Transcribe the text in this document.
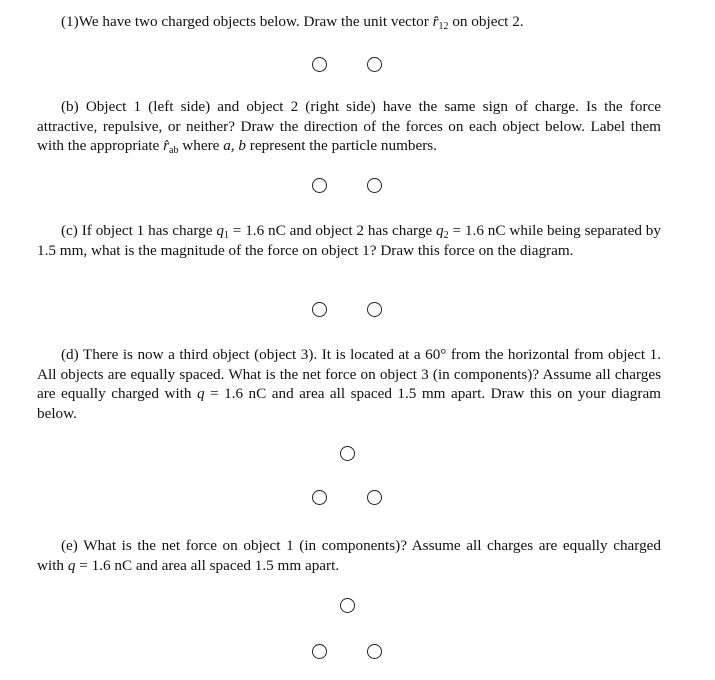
(1)We have two charged objects below. Draw the unit vector $r̂_{12}$ on object 2.
(b) Object 1 (left side) and object 2 (right side) have the same sign of charge. Is the force attractive, repulsive, or neither? Draw the direction of the forces on each object below. Label them with the appropriate $r̂_{ab}$ where a, b represent the particle numbers.
(c) If object 1 has charge $q_1 = 1.6$ nC and object 2 has charge $q_2 = 1.6$ nC while being separated by 1.5 mm, what is the magnitude of the force on object 1? Draw this force on the diagram.
(d) There is now a third object (object 3). It is located at a 60° from the horizontal from object 1. All objects are equally spaced. What is the net force on object 3 (in components)? Assume all charges are equally charged with q = 1.6 nC and area all spaced 1.5 mm apart. Draw this on your diagram below.
(e) What is the net force on object 1 (in components)? Assume all charges are equally charged with q = 1.6 nC and area all spaced 1.5 mm apart.
